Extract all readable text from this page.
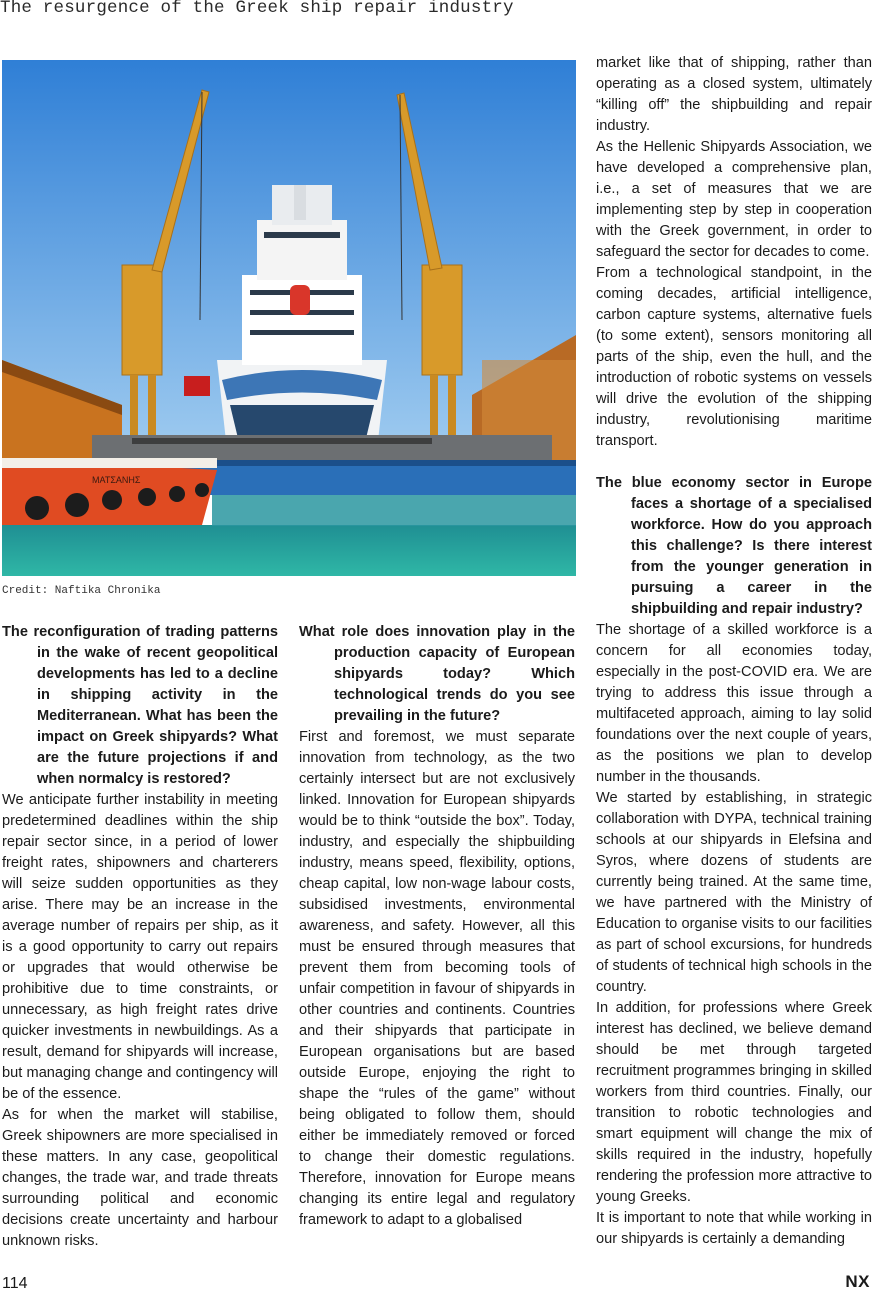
The resurgence of the Greek ship repair industry
ΜΑΤΣΑΝΗΣ
Credit: Naftika Chronika

The reconfiguration of trading patterns in the wake of recent geopolitical developments has led to a decline in shipping activity in the Mediterranean. What has been the impact on Greek shipyards? What are the future projections if and when normalcy is restored?

We anticipate further instability in meeting predetermined deadlines within the ship repair sector since, in a period of lower freight rates, shipowners and charterers will seize sudden opportunities as they arise. There may be an increase in the average number of repairs per ship, as it is a good opportunity to carry out repairs or upgrades that would otherwise be prohibitive due to time constraints, or unnecessary, as high freight rates drive quicker investments in newbuildings. As a result, demand for shipyards will increase, but managing change and contingency will be of the essence.

As for when the market will stabilise, Greek shipowners are more specialised in these matters. In any case, geopolitical changes, the trade war, and trade threats surrounding political and economic decisions create uncertainty and harbour unknown risks.

What role does innovation play in the production capacity of European shipyards today? Which technological trends do you see prevailing in the future?

First and foremost, we must separate innovation from technology, as the two certainly intersect but are not exclusively linked. Innovation for European shipyards would be to think “outside the box”. Today, industry, and especially the shipbuilding industry, means speed, flexibility, options, cheap capital, low non-wage labour costs, subsidised investments, environmental awareness, and safety. However, all this must be ensured through measures that prevent them from becoming tools of unfair competition in favour of shipyards in other countries and continents. Countries and their shipyards that participate in European organisations but are based outside Europe, enjoying the right to shape the “rules of the game” without being obligated to follow them, should either be immediately removed or forced to change their domestic regulations. Therefore, innovation for Europe means changing its entire legal and regulatory framework to adapt to a globalised

market like that of shipping, rather than operating as a closed system, ultimately “killing off” the shipbuilding and repair industry.

As the Hellenic Shipyards Association, we have developed a comprehensive plan, i.e., a set of measures that we are implementing step by step in cooperation with the Greek government, in order to safeguard the sector for decades to come.

From a technological standpoint, in the coming decades, artificial intelligence, carbon capture systems, alternative fuels (to some extent), sensors monitoring all parts of the ship, even the hull, and the introduction of robotic systems on vessels will drive the evolution of the shipping industry, revolutionising maritime transport.

The blue economy sector in Europe faces a shortage of a specialised workforce. How do you approach this challenge? Is there interest from the younger generation in pursuing a career in the shipbuilding and repair industry?

The shortage of a skilled workforce is a concern for all economies today, especially in the post-COVID era. We are trying to address this issue through a multifaceted approach, aiming to lay solid foundations over the next couple of years, as the positions we plan to develop number in the thousands.

We started by establishing, in strategic collaboration with DYPA, technical training schools at our shipyards in Elefsina and Syros, where dozens of students are currently being trained. At the same time, we have partnered with the Ministry of Education to organise visits to our facilities as part of school excursions, for hundreds of students of technical high schools in the country.

In addition, for professions where Greek interest has declined, we believe demand should be met through targeted recruitment programmes bringing in skilled workers from third countries. Finally, our transition to robotic technologies and smart equipment will change the mix of skills required in the industry, hopefully rendering the profession more attractive to young Greeks.

It is important to note that while working in our shipyards is certainly a demanding

114	NX
